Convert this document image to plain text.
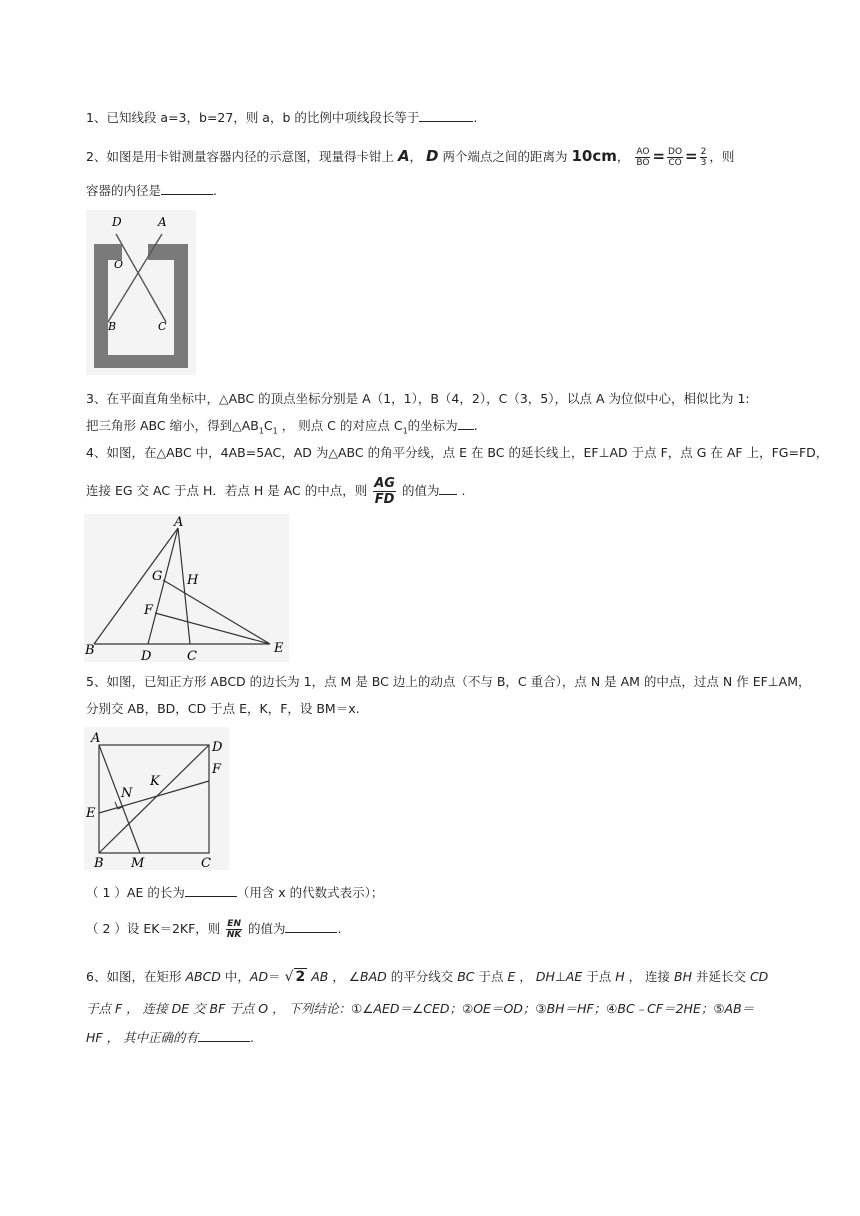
1、已知线段 a=3，b=27，则 a，b 的比例中项线段长等于	.
2、如图是用卡钳测量容器内径的示意图，现量得卡钳上 A， D 两个端点之间的距离为 10cm， $\frac{AO}{BO} = \frac{DO}{CO} = \frac{2}{3}$ ，则
容器的内径是	.
D	A
O
B	C
3、在平面直角坐标中，△ABC 的顶点坐标分别是 A（1，1），B（4，2），C（3，5），以点 A 为位似中心，相似比为 1:
把三角形 ABC 缩小，得到$\triangle AB_1C_1$ ， 则点 C 的对应点 $C_1$的坐标为 .
4、如图，在△ABC 中，4AB=5AC，AD 为△ABC 的角平分线，点 E 在 BC 的延长线上，EF⊥AD 于点 F，点 G 在 AF 上，FG=FD，
连接 EG 交 AC 于点 H．若点 H 是 AC 的中点，则 $\frac{AG}{FD}$ 的值为 .
A
G H
F
B	D	C
E
5、如图，已知正方形 ABCD 的边长为 1，点 M 是 BC 边上的动点（不与 B，C 重合），点 N 是 AM 的中点，过点 N 作 EF⊥AM，
分别交 AB，BD，CD 于点 E，K，F，设 BM＝x.
A
D
F
K
N
E
B M	C
（ 1 ）AE 的长为	（用含 x 的代数式表示）；
（ 2 ）设 EK＝2KF，则 $\frac{EN}{NK}$ 的值为	.
6、如图，在矩形 ABCD 中，AD＝ √ 2 AB ， ∠BAD 的平分线交 BC 于点 E ， DH⊥AE 于点 H ， 连接 BH 并延长交 CD
于点 F ， 连接 DE 交 BF 于点 O ， 下列结论：①∠AED＝∠CED；②OE＝OD；③BH＝HF；④BC﹣CF＝2HE；⑤AB＝
HF ， 其中正确的有	.
